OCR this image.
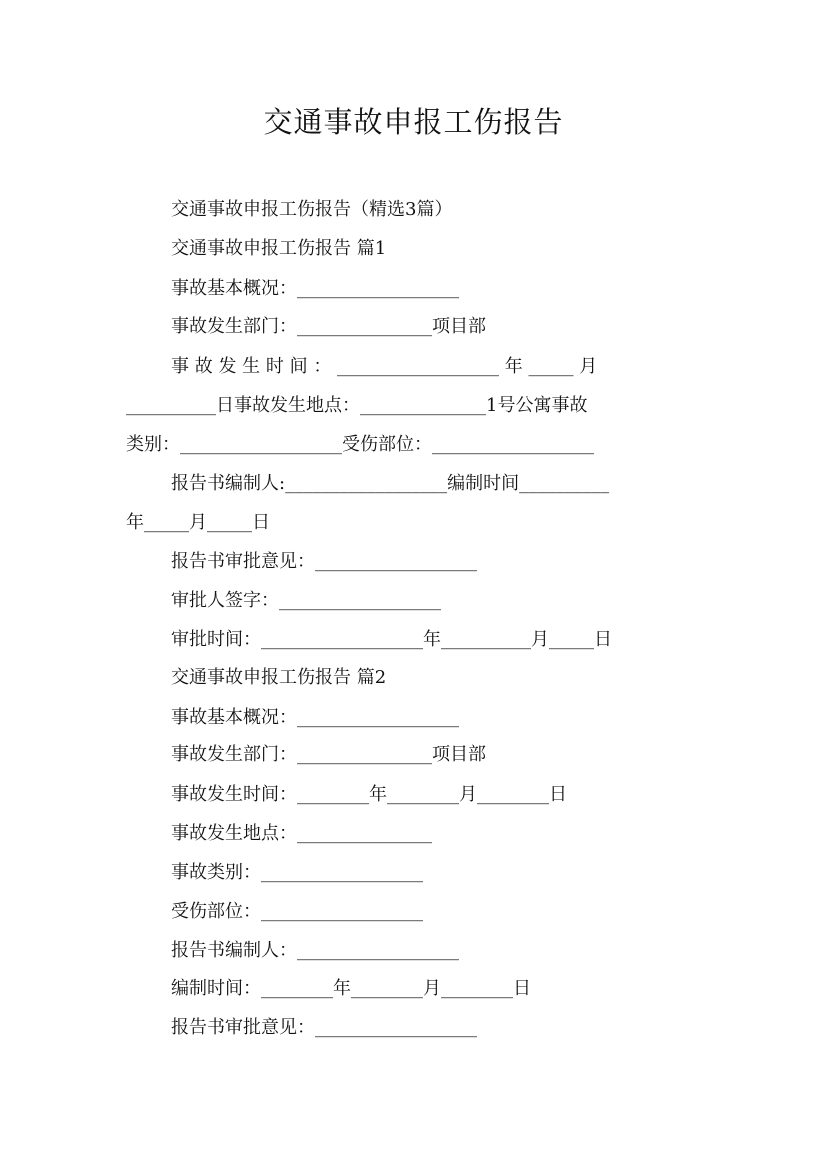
交通事故申报工伤报告
交通事故申报工伤报告（精选3篇）
交通事故申报工伤报告 篇1
事故基本概况：__________________
事故发生部门：_______________项目部
事 故 发 生 时 间 ： __________________ 年 _____ 月
__________日事故发生地点：______________1号公寓事故
类别：__________________受伤部位：__________________
报告书编制人:__________________编制时间__________
年_____月_____日
报告书审批意见：__________________
审批人签字：__________________
审批时间：__________________年__________月_____日
交通事故申报工伤报告 篇2
事故基本概况：__________________
事故发生部门：_______________项目部
事故发生时间：________年________月________日
事故发生地点：_______________
事故类别：__________________
受伤部位：__________________
报告书编制人：__________________
编制时间：________年________月________日
报告书审批意见：__________________
